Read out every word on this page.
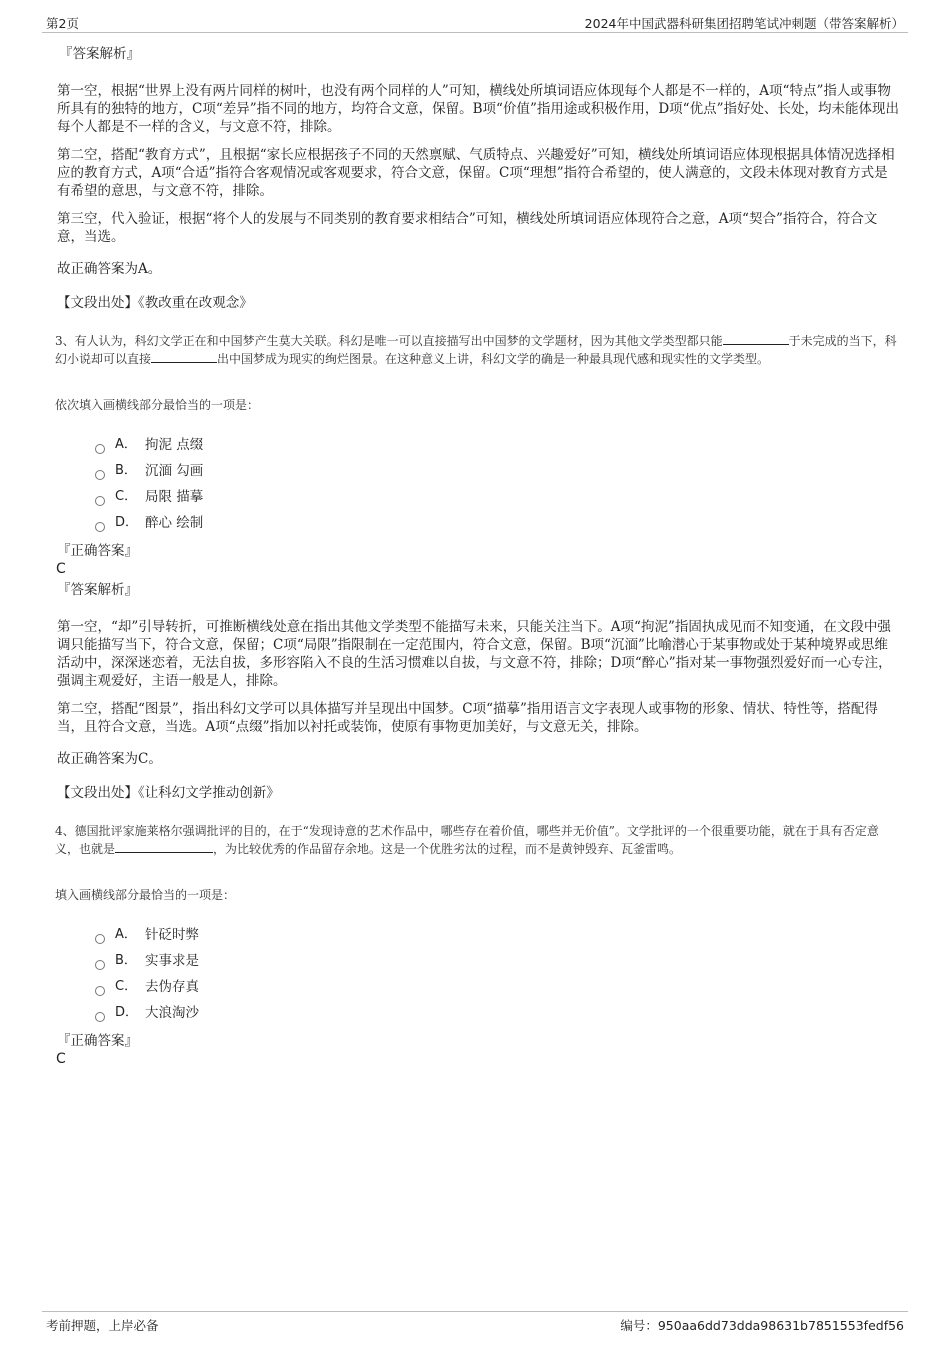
第2页	2024年中国武器科研集团招聘笔试冲刺题（带答案解析）
『答案解析』
第一空，根据“世界上没有两片同样的树叶，也没有两个同样的人”可知，横线处所填词语应体现每个人都是不一样的，A项“特点”指人或事物所具有的独特的地方，C项“差异”指不同的地方，均符合文意，保留。B项“价值”指用途或积极作用，D项“优点”指好处、长处，均未能体现出每个人都是不一样的含义，与文意不符，排除。
第二空，搭配“教育方式”，且根据“家长应根据孩子不同的天然禀赋、气质特点、兴趣爱好”可知，横线处所填词语应体现根据具体情况选择相应的教育方式，A项“合适”指符合客观情况或客观要求，符合文意，保留。C项“理想”指符合希望的，使人满意的，文段未体现对教育方式是有希望的意思，与文意不符，排除。
第三空，代入验证，根据“将个人的发展与不同类别的教育要求相结合”可知，横线处所填词语应体现符合之意，A项“契合”指符合，符合文意，当选。
故正确答案为A。
【文段出处】《教改重在改观念》
3、有人认为，科幻文学正在和中国梦产生莫大关联。科幻是唯一可以直接描写出中国梦的文学题材，因为其他文学类型都只能	于未完成的当下，科幻小说却可以直接	出中国梦成为现实的绚烂图景。在这种意义上讲，科幻文学的确是一种最具现代感和现实性的文学类型。
依次填入画横线部分最恰当的一项是：
A． 拘泥 点缀
B． 沉湎 勾画
C． 局限 描摹
D． 醉心 绘制
『正确答案』
C
『答案解析』
第一空，“却”引导转折，可推断横线处意在指出其他文学类型不能描写未来，只能关注当下。A项“拘泥”指固执成见而不知变通，在文段中强调只能描写当下，符合文意，保留；C项“局限”指限制在一定范围内，符合文意，保留。B项“沉湎”比喻潜心于某事物或处于某种境界或思维活动中，深深迷恋着，无法自拔，多形容陷入不良的生活习惯难以自拔，与文意不符，排除；D项“醉心”指对某一事物强烈爱好而一心专注，强调主观爱好，主语一般是人，排除。
第二空，搭配“图景”，指出科幻文学可以具体描写并呈现出中国梦。C项“描摹”指用语言文字表现人或事物的形象、情状、特性等，搭配得当，且符合文意，当选。A项“点缀”指加以衬托或装饰，使原有事物更加美好，与文意无关，排除。
故正确答案为C。
【文段出处】《让科幻文学推动创新》
4、德国批评家施莱格尔强调批评的目的，在于“发现诗意的艺术作品中，哪些存在着价值，哪些并无价值”。文学批评的一个很重要功能，就在于具有否定意义，也就是	，为比较优秀的作品留存余地。这是一个优胜劣汰的过程，而不是黄钟毁弃、瓦釜雷鸣。
填入画横线部分最恰当的一项是：
A． 针砭时弊
B． 实事求是
C． 去伪存真
D． 大浪淘沙
『正确答案』
C
考前押题，上岸必备	编号：950aa6dd73dda98631b7851553fedf56
